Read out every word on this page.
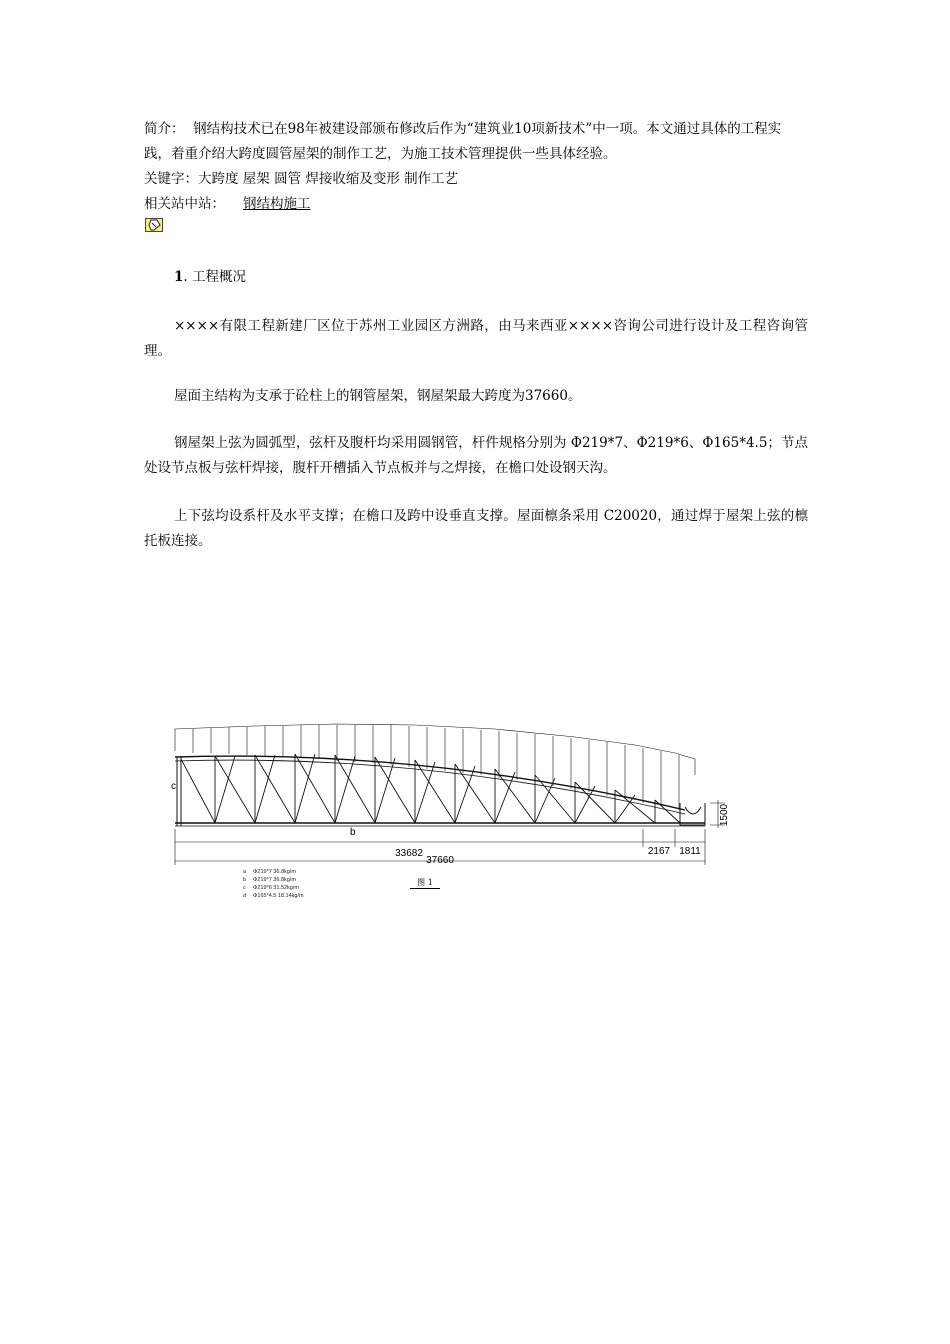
简介： 钢结构技术已在98年被建设部颁布修改后作为“建筑业10项新技术”中一项。本文通过具体的工程实践，着重介绍大跨度圆管屋架的制作工艺，为施工技术管理提供一些具体经验。
关键字：大跨度 屋架 圆管 焊接收缩及变形 制作工艺
相关站中站： 钢结构施工
1. 工程概况
××××有限工程新建厂区位于苏州工业园区方洲路，由马来西亚××××咨询公司进行设计及工程咨询管理。
屋面主结构为支承于砼柱上的钢管屋架，钢屋架最大跨度为37660。
钢屋架上弦为圆弧型，弦杆及腹杆均采用圆钢管，杆件规格分别为 Φ219*7、Φ219*6、Φ165*4.5；节点处设节点板与弦杆焊接，腹杆开槽插入节点板并与之焊接，在檐口处设钢天沟。
上下弦均设系杆及水平支撑；在檐口及跨中设垂直支撑。屋面檩条采用 C20020，通过焊于屋架上弦的檩托板连接。
33682	2167 1811
37660
1500
b
c
a Φ219*7 36.8kg/m
b Φ219*7 36.8kg/m
c Φ219*6 31.52kg/m
d Φ165*4.5 18.14kg/m
图 1
